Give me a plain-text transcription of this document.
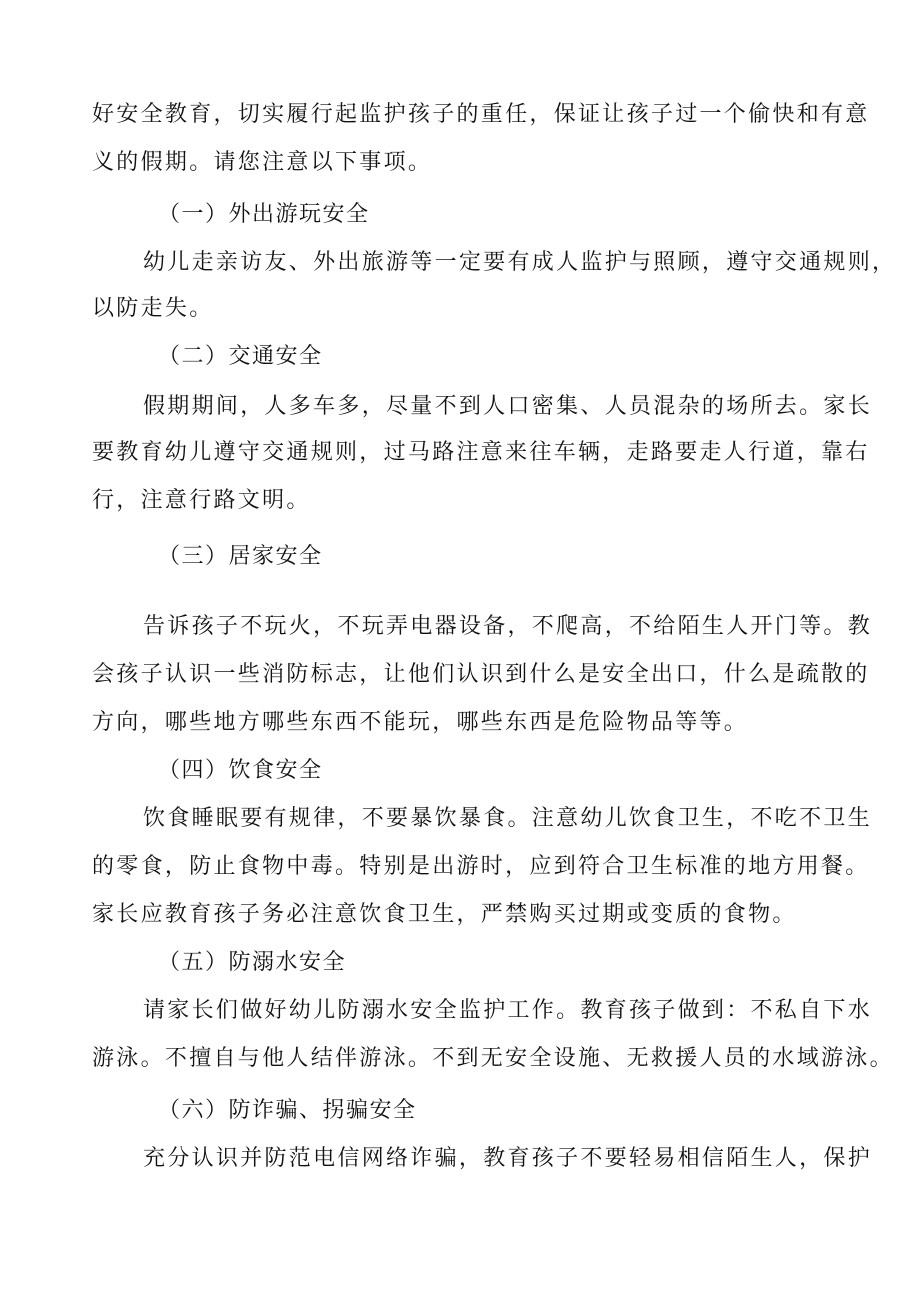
好安全教育，切实履行起监护孩子的重任，保证让孩子过一个偷快和有意
义的假期。请您注意以下事项。
（一）外出游玩安全
幼儿走亲访友、外出旅游等一定要有成人监护与照顾，遵守交通规则，
以防走失。
（二）交通安全
假期期间，人多车多，尽量不到人口密集、人员混杂的场所去。家长
要教育幼儿遵守交通规则，过马路注意来往车辆，走路要走人行道，靠右
行，注意行路文明。
（三）居家安全
告诉孩子不玩火，不玩弄电器设备，不爬高，不给陌生人开门等。教
会孩子认识一些消防标志，让他们认识到什么是安全出口，什么是疏散的
方向，哪些地方哪些东西不能玩，哪些东西是危险物品等等。
（四）饮食安全
饮食睡眠要有规律，不要暴饮暴食。注意幼儿饮食卫生，不吃不卫生
的零食，防止食物中毒。特别是出游时，应到符合卫生标准的地方用餐。
家长应教育孩子务必注意饮食卫生，严禁购买过期或变质的食物。
（五）防溺水安全
请家长们做好幼儿防溺水安全监护工作。教育孩子做到：不私自下水
游泳。不擅自与他人结伴游泳。不到无安全设施、无救援人员的水域游泳。
（六）防诈骗、拐骗安全
充分认识并防范电信网络诈骗，教育孩子不要轻易相信陌生人，保护
